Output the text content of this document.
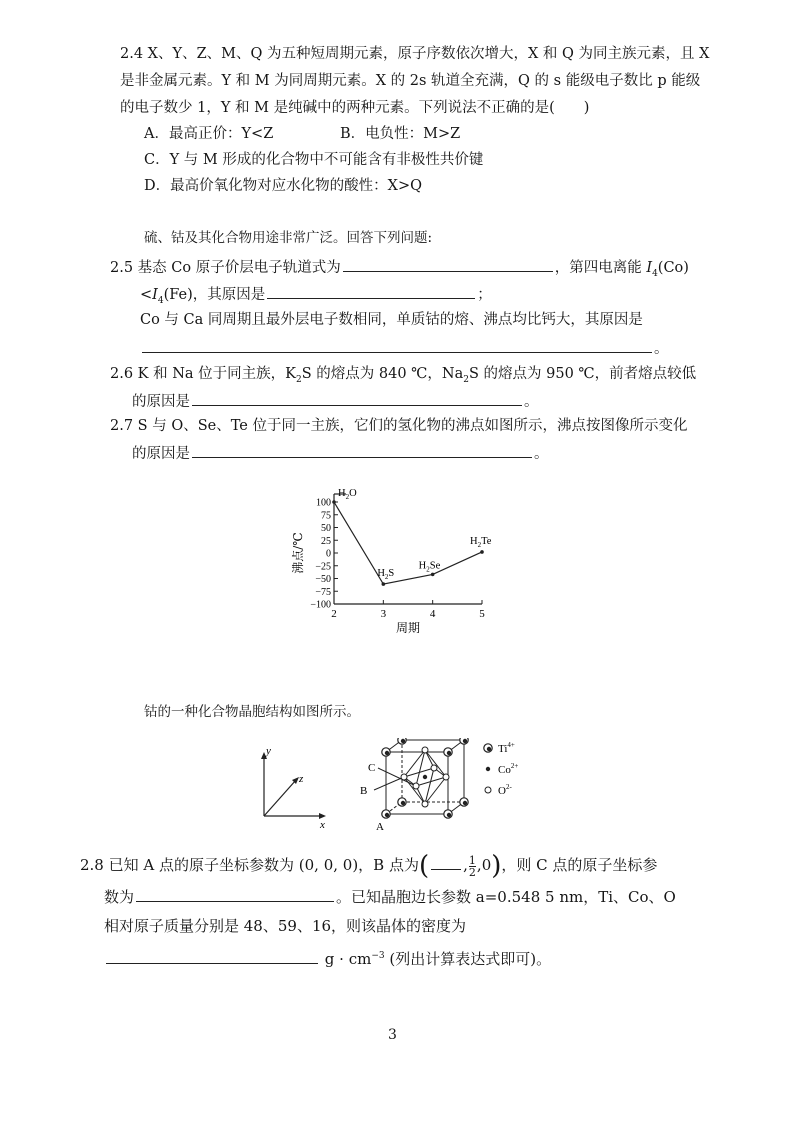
2.4 X、Y、Z、M、Q 为五种短周期元素，原子序数依次增大，X 和 Q 为同主族元素，且 X
是非金属元素。Y 和 M 为同周期元素。X 的 2s 轨道全充满，Q 的 s 能级电子数比 p 能级
的电子数少 1，Y 和 M 是纯碱中的两种元素。下列说法不正确的是(　　)
A．最高正价：Y<Z	B．电负性：M>Z
C．Y 与 M 形成的化合物中不可能含有非极性共价键
D．最高价氧化物对应水化物的酸性：X>Q
硫、钴及其化合物用途非常广泛。回答下列问题:
2.5 基态 Co 原子价层电子轨道式为	，第四电离能 $I_4(Co)$
$<I_4(Fe)$，其原因是	；
Co 与 Ca 同周期且最外层电子数相同，单质钴的熔、沸点均比钙大，其原因是
。
2.6 K 和 Na 位于同主族，$K_2S$ 的熔点为 840 ℃，$Na_2S$ 的熔点为 950 ℃，前者熔点较低
的原因是	。
2.7 S 与 O、Se、Te 位于同一主族，它们的氢化物的沸点如图所示，沸点按图像所示变化
的原因是	。
100
75
50
25
0
−25
−50
−75
−100
2	3	4	5
周期
沸点/℃
$H_2O$
$H_2S$
$H_2Se$
$H_2Te$
钴的一种化合物晶胞结构如图所示。
y
z
x
C
B
A
$Ti^{4+}$
$Co^{2+}$
$O^{2-}$
2.8 已知 A 点的原子坐标参数为 (0, 0, 0)，B 点为( , $\frac{1}{2} ,0$)，则 C 点的原子坐标参
数为	。已知晶胞边长参数 a=0.548 5 nm，Ti、Co、O
相对原子质量分别是 48、59、16，则该晶体的密度为
$g \cdot cm^{-3}$ (列出计算表达式即可)。
3
